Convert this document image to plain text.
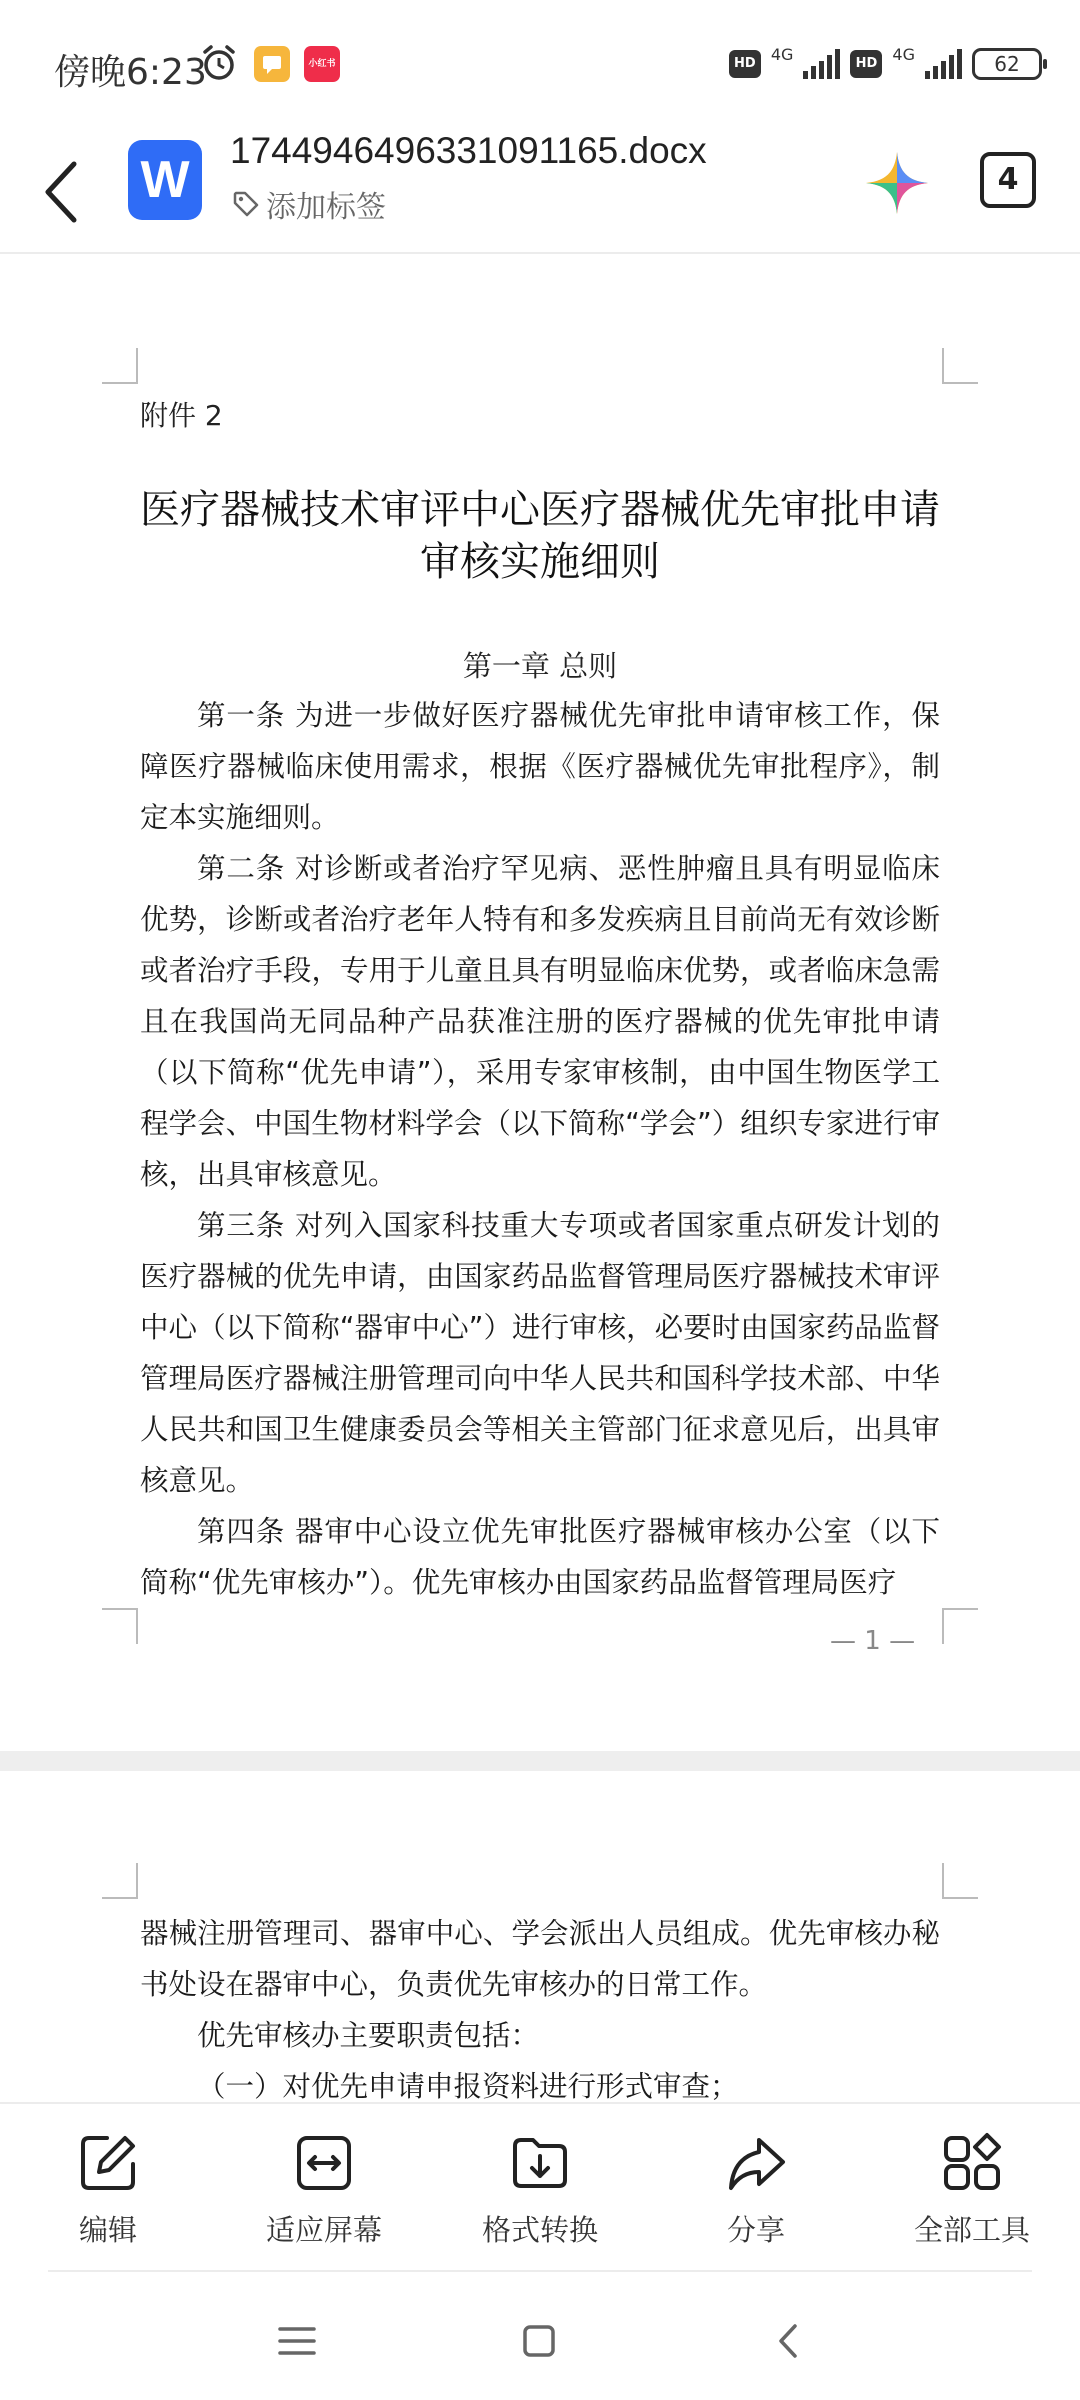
傍晚6:23	小红书	HD 4G	HD 4G	62
W
1744946496331091165.docx
添加标签
4
附件 2
医疗器械技术审评中心医疗器械优先审批申请审核实施细则
第一章 总则

第一条 为进一步做好医疗器械优先审批申请审核工作，保障医疗器械临床使用需求，根据《医疗器械优先审批程序》，制定本实施细则。

第二条 对诊断或者治疗罕见病、恶性肿瘤且具有明显临床优势，诊断或者治疗老年人特有和多发疾病且目前尚无有效诊断或者治疗手段，专用于儿童且具有明显临床优势，或者临床急需且在我国尚无同品种产品获准注册的医疗器械的优先审批申请（以下简称“优先申请”），采用专家审核制，由中国生物医学工程学会、中国生物材料学会（以下简称“学会”）组织专家进行审核，出具审核意见。

第三条 对列入国家科技重大专项或者国家重点研发计划的医疗器械的优先申请，由国家药品监督管理局医疗器械技术审评中心（以下简称“器审中心”）进行审核，必要时由国家药品监督管理局医疗器械注册管理司向中华人民共和国科学技术部、中华人民共和国卫生健康委员会等相关主管部门征求意见后，出具审核意见。

第四条 器审中心设立优先审批医疗器械审核办公室（以下简称“优先审核办”）。优先审核办由国家药品监督管理局医疗

— 1 —

器械注册管理司、器审中心、学会派出人员组成。优先审核办秘书处设在器审中心，负责优先审核办的日常工作。

优先审核办主要职责包括：

（一）对优先申请申报资料进行形式审查；

编辑	适应屏幕	格式转换	分享	全部工具
